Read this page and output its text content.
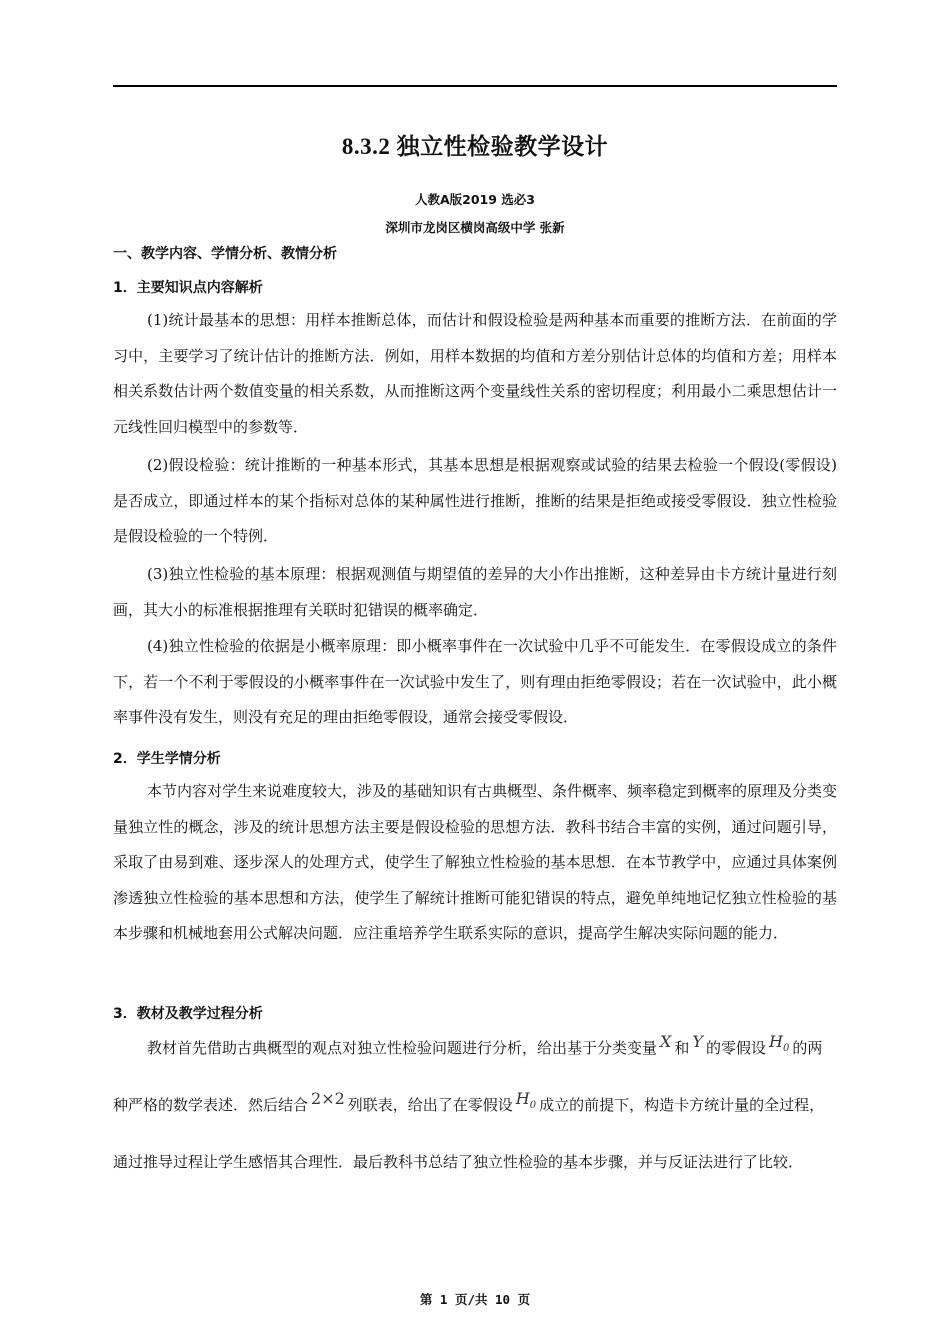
8.3.2 独立性检验教学设计
人教A版2019 选必3
深圳市龙岗区横岗高级中学 张新
一、教学内容、学情分析、教情分析
1．主要知识点内容解析

(1)统计最基本的思想：用样本推断总体，而估计和假设检验是两种基本而重要的推断方法．在前面的学习中，主要学习了统计估计的推断方法．例如，用样本数据的均值和方差分别估计总体的均值和方差；用样本相关系数估计两个数值变量的相关系数，从而推断这两个变量线性关系的密切程度；利用最小二乘思想估计一元线性回归模型中的参数等．

(2)假设检验：统计推断的一种基本形式，其基本思想是根据观察或试验的结果去检验一个假设(零假设)是否成立，即通过样本的某个指标对总体的某种属性进行推断，推断的结果是拒绝或接受零假设．独立性检验是假设检验的一个特例．

(3)独立性检验的基本原理：根据观测值与期望值的差异的大小作出推断，这种差异由卡方统计量进行刻画，其大小的标准根据推理有关联时犯错误的概率确定．

(4)独立性检验的依据是小概率原理：即小概率事件在一次试验中几乎不可能发生．在零假设成立的条件下，若一个不利于零假设的小概率事件在一次试验中发生了，则有理由拒绝零假设；若在一次试验中，此小概率事件没有发生，则没有充足的理由拒绝零假设，通常会接受零假设．

2．学生学情分析

本节内容对学生来说难度较大，涉及的基础知识有古典概型、条件概率、频率稳定到概率的原理及分类变量独立性的概念，涉及的统计思想方法主要是假设检验的思想方法．教科书结合丰富的实例，通过问题引导，采取了由易到难、逐步深人的处理方式，使学生了解独立性检验的基本思想．在本节教学中，应通过具体案例渗透独立性检验的基本思想和方法，使学生了解统计推断可能犯错误的特点，避免单纯地记忆独立性检验的基本步骤和机械地套用公式解决问题．应注重培养学生联系实际的意识，提高学生解决实际问题的能力．

3．教材及教学过程分析

教材首先借助古典概型的观点对独立性检验问题进行分析，给出基于分类变量 X 和 Y 的零假设 $H_0$ 的两种严格的数学表述．然后结合 2×2 列联表，给出了在零假设 $H_0$ 成立的前提下，构造卡方统计量的全过程，通过推导过程让学生感悟其合理性．最后教科书总结了独立性检验的基本步骤，并与反证法进行了比较．

第 1 页/共 10 页
